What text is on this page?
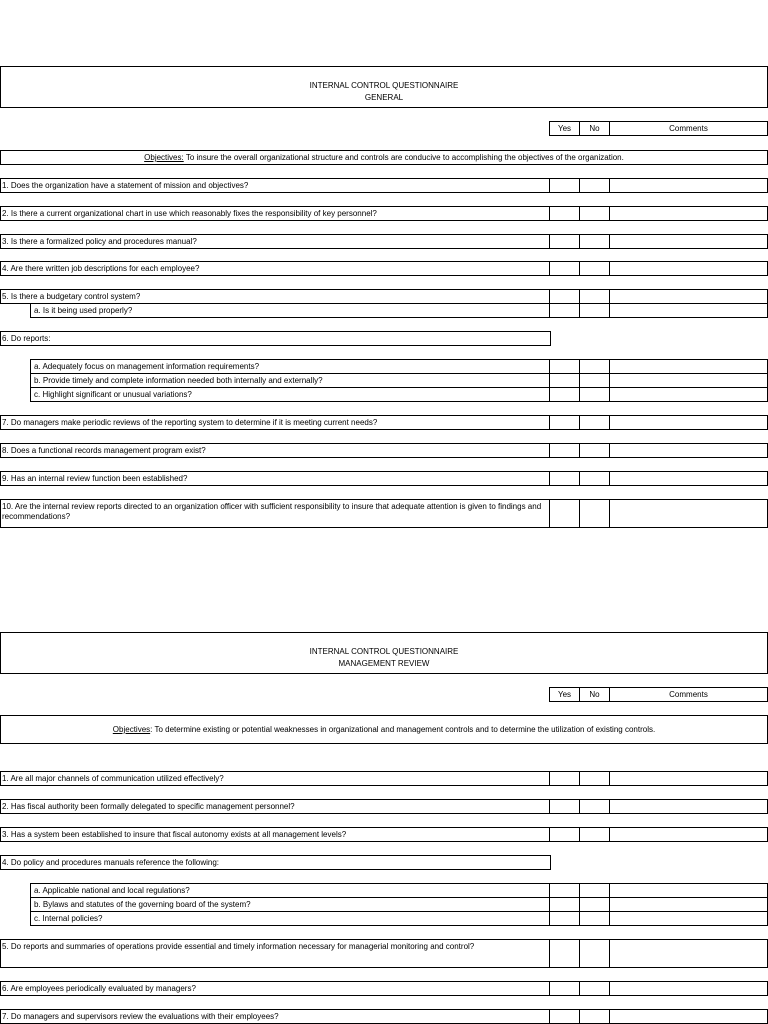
INTERNAL CONTROL QUESTIONNAIRE
GENERAL
Yes	No	Comments
Objectives: To insure the overall organizational structure and controls are conducive to accomplishing the objectives of the organization.
1. Does the organization have a statement of mission and objectives?
2. Is there a current organizational chart in use which reasonably fixes the responsibility of key personnel?
3. Is there a formalized policy and procedures manual?
4. Are there written job descriptions for each employee?
5. Is there a budgetary control system?
a. Is it being used properly?
6. Do reports:
a. Adequately focus on management information requirements?
b. Provide timely and complete information needed both internally and externally?
c. Highlight significant or unusual variations?
7. Do managers make periodic reviews of the reporting system to determine if it is meeting current needs?
8. Does a functional records management program exist?
9. Has an internal review function been established?
10. Are the internal review reports directed to an organization officer with sufficient responsibility to insure that adequate attention is given to findings and recommendations?
INTERNAL CONTROL QUESTIONNAIRE
MANAGEMENT REVIEW
Yes	No	Comments
Objectives: To determine existing or potential weaknesses in organizational and management controls and to determine the utilization of existing controls.
1. Are all major channels of communication utilized effectively?
2. Has fiscal authority been formally delegated to specific management personnel?
3. Has a system been established to insure that fiscal autonomy exists at all management levels?
4. Do policy and procedures manuals reference the following:
a. Applicable national and local regulations?
b. Bylaws and statutes of the governing board of the system?
c. Internal policies?
5. Do reports and summaries of operations provide essential and timely information necessary for managerial monitoring and control?
6. Are employees periodically evaluated by managers?
7. Do managers and supervisors review the evaluations with their employees?
